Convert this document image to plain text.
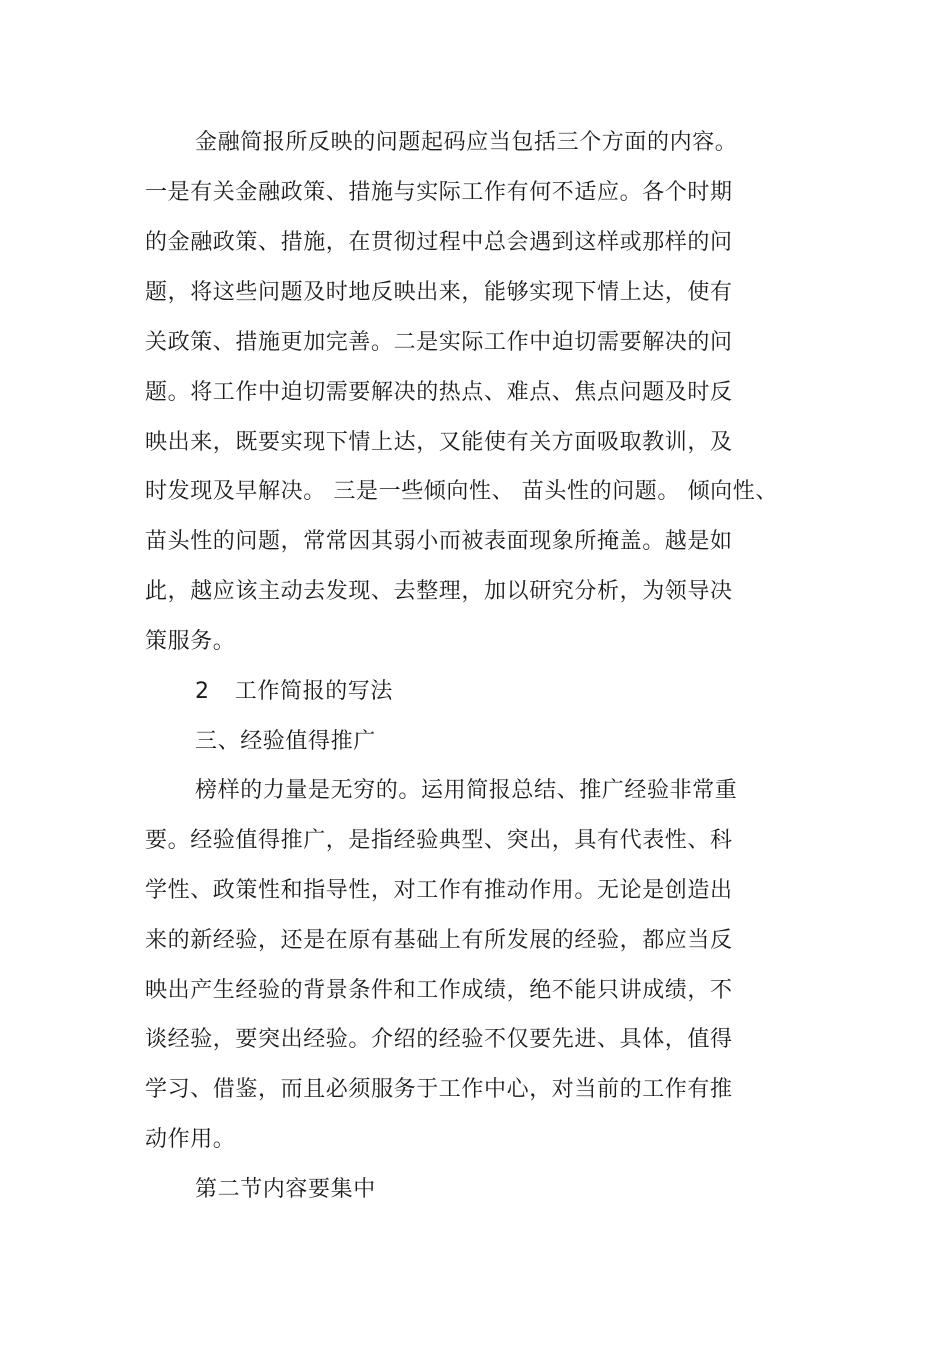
金融简报所反映的问题起码应当包括三个方面的内容。
一是有关金融政策、措施与实际工作有何不适应。各个时期
的金融政策、措施，在贯彻过程中总会遇到这样或那样的问
题，将这些问题及时地反映出来，能够实现下情上达，使有
关政策、措施更加完善。二是实际工作中迫切需要解决的问
题。将工作中迫切需要解决的热点、难点、焦点问题及时反
映出来，既要实现下情上达，又能使有关方面吸取教训，及
时发现及早解决。 三是一些倾向性、 苗头性的问题。 倾向性、
苗头性的问题，常常因其弱小而被表面现象所掩盖。越是如
此，越应该主动去发现、去整理，加以研究分析，为领导决
策服务。
2 工作简报的写法
三、经验值得推广
榜样的力量是无穷的。运用简报总结、推广经验非常重
要。经验值得推广，是指经验典型、突出，具有代表性、科
学性、政策性和指导性，对工作有推动作用。无论是创造出
来的新经验，还是在原有基础上有所发展的经验，都应当反
映出产生经验的背景条件和工作成绩，绝不能只讲成绩，不
谈经验，要突出经验。介绍的经验不仅要先进、具体，值得
学习、借鉴，而且必须服务于工作中心，对当前的工作有推
动作用。
第二节内容要集中
